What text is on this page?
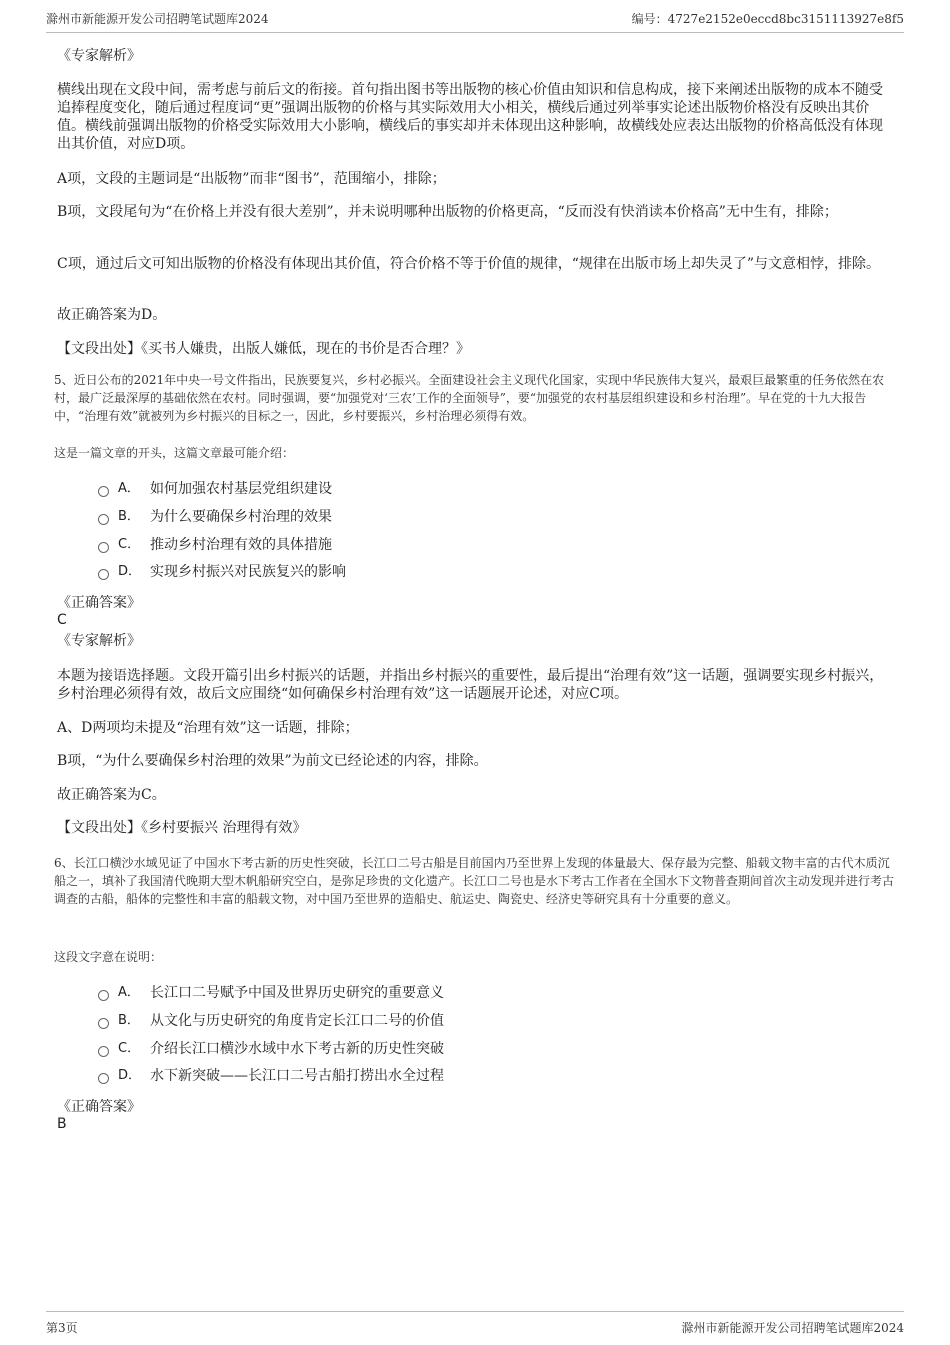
滁州市新能源开发公司招聘笔试题库2024	编号：4727e2152e0eccd8bc3151113927e8f5

《专家解析》

横线出现在文段中间，需考虑与前后文的衔接。首句指出图书等出版物的核心价值由知识和信息构成，接下来阐述出版物的成本不随受追捧程度变化，随后通过程度词“更”强调出版物的价格与其实际效用大小相关，横线后通过列举事实论述出版物价格没有反映出其价值。横线前强调出版物的价格受实际效用大小影响，横线后的事实却并未体现出这种影响，故横线处应表达出版物的价格高低没有体现出其价值，对应D项。

A项，文段的主题词是“出版物”而非“图书”，范围缩小，排除；

B项，文段尾句为“在价格上并没有很大差别”，并未说明哪种出版物的价格更高，“反而没有快消读本价格高”无中生有，排除；

C项，通过后文可知出版物的价格没有体现出其价值，符合价格不等于价值的规律，“规律在出版市场上却失灵了”与文意相悖，排除。

故正确答案为D。

【文段出处】《买书人嫌贵，出版人嫌低，现在的书价是否合理？》

5、近日公布的2021年中央一号文件指出，民族要复兴，乡村必振兴。全面建设社会主义现代化国家，实现中华民族伟大复兴，最艰巨最繁重的任务依然在农村，最广泛最深厚的基础依然在农村。同时强调，要“加强党对‘三农’工作的全面领导”，要“加强党的农村基层组织建设和乡村治理”。早在党的十九大报告中，“治理有效”就被列为乡村振兴的目标之一，因此，乡村要振兴，乡村治理必须得有效。

这是一篇文章的开头，这篇文章最可能介绍：

A． 如何加强农村基层党组织建设
B． 为什么要确保乡村治理的效果
C． 推动乡村治理有效的具体措施
D． 实现乡村振兴对民族复兴的影响

《正确答案》

C

《专家解析》

本题为接语选择题。文段开篇引出乡村振兴的话题，并指出乡村振兴的重要性，最后提出“治理有效”这一话题，强调要实现乡村振兴，乡村治理必须得有效，故后文应围绕“如何确保乡村治理有效”这一话题展开论述，对应C项。

A、D两项均未提及“治理有效”这一话题，排除；

B项，“为什么要确保乡村治理的效果”为前文已经论述的内容，排除。

故正确答案为C。

【文段出处】《乡村要振兴 治理得有效》

6、长江口横沙水域见证了中国水下考古新的历史性突破，长江口二号古船是目前国内乃至世界上发现的体量最大、保存最为完整、船载文物丰富的古代木质沉船之一，填补了我国清代晚期大型木帆船研究空白，是弥足珍贵的文化遗产。长江口二号也是水下考古工作者在全国水下文物普查期间首次主动发现并进行考古调查的古船，船体的完整性和丰富的船载文物，对中国乃至世界的造船史、航运史、陶瓷史、经济史等研究具有十分重要的意义。

这段文字意在说明：

A． 长江口二号赋予中国及世界历史研究的重要意义
B． 从文化与历史研究的角度肯定长江口二号的价值
C． 介绍长江口横沙水域中水下考古新的历史性突破
D． 水下新突破——长江口二号古船打捞出水全过程

《正确答案》

B

第3页	滁州市新能源开发公司招聘笔试题库2024
